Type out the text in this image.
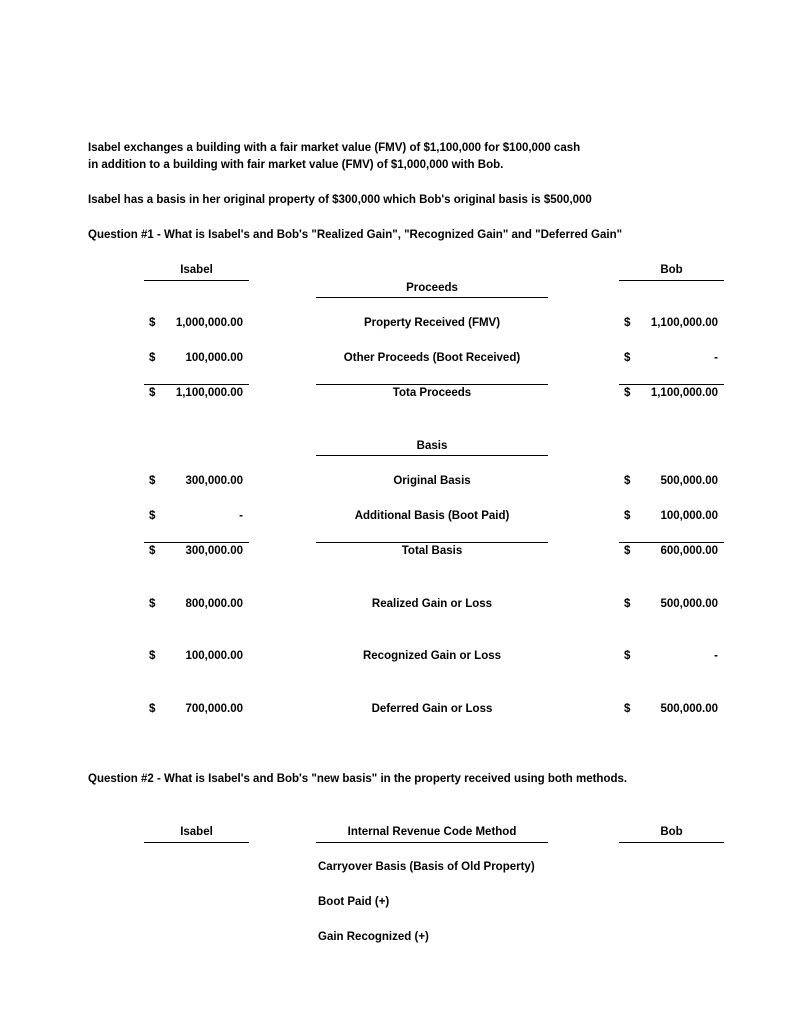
Isabel exchanges a building with a fair market value (FMV) of $1,100,000 for $100,000 cash
in addition to a building with fair market value (FMV) of $1,000,000 with Bob.
Isabel has a basis in her original property of $300,000 which Bob's original basis is $500,000
Question #1 - What is Isabel's and Bob's "Realized Gain", "Recognized Gain" and "Deferred Gain"
Isabel	Bob
Proceeds
$ 1,000,000.00	Property Received (FMV)	$ 1,100,000.00
$	100,000.00	Other Proceeds (Boot Received)	$	-
$ 1,100,000.00	Tota Proceeds	$ 1,100,000.00
Basis
$	300,000.00	Original Basis	$	500,000.00
$	-	Additional Basis (Boot Paid)	$	100,000.00
$	300,000.00	Total Basis	$	600,000.00
$	800,000.00	Realized Gain or Loss	$	500,000.00
$	100,000.00	Recognized Gain or Loss	$	-
$	700,000.00	Deferred Gain or Loss	$	500,000.00
Question #2 - What is Isabel's and Bob's "new basis" in the property received using both methods.
Isabel	Internal Revenue Code Method	Bob
Carryover Basis (Basis of Old Property)
Boot Paid (+)
Gain Recognized (+)
